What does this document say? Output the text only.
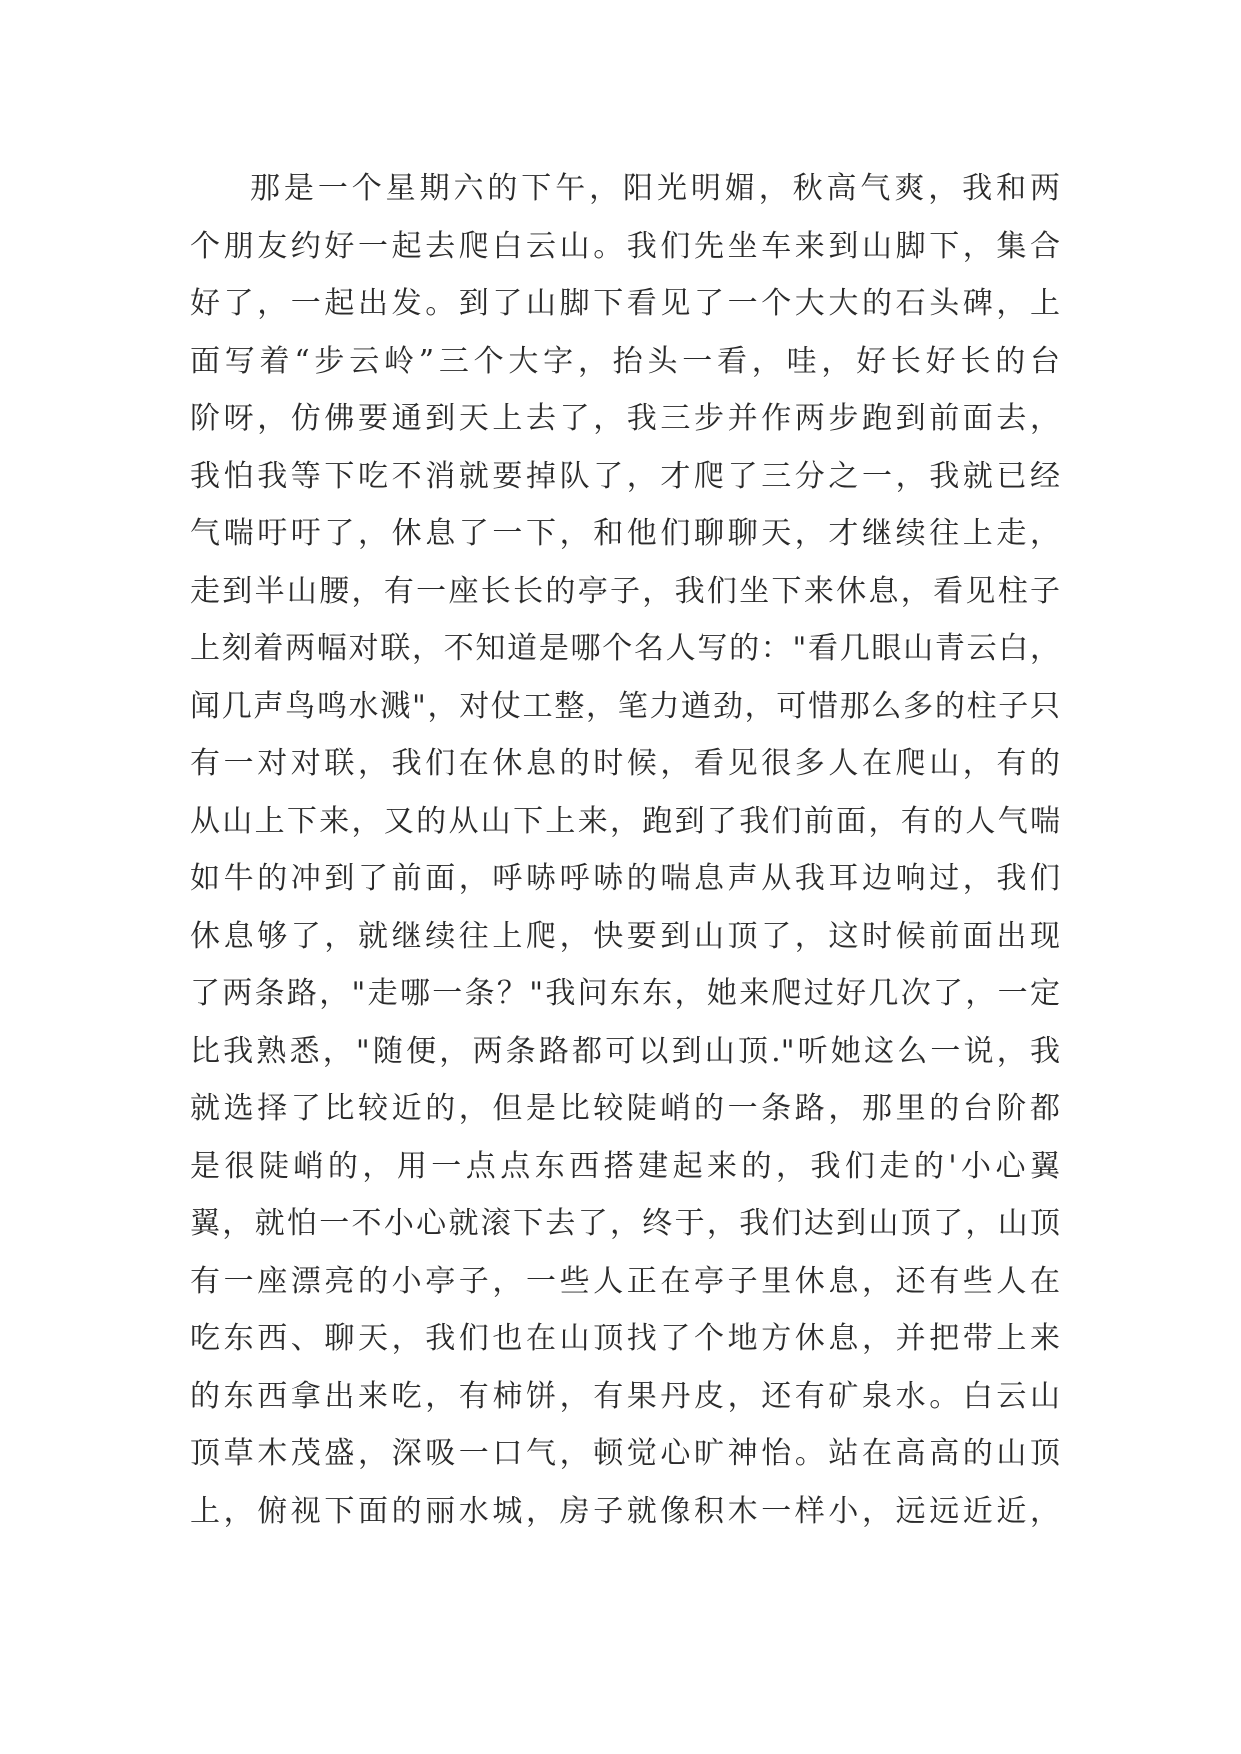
那是一个星期六的下午，阳光明媚，秋高气爽，我和两
个朋友约好一起去爬白云山。我们先坐车来到山脚下，集合
好了，一起出发。到了山脚下看见了一个大大的石头碑，上
面写着“步云岭”三个大字，抬头一看，哇，好长好长的台
阶呀，仿佛要通到天上去了，我三步并作两步跑到前面去，
我怕我等下吃不消就要掉队了，才爬了三分之一，我就已经
气喘吁吁了，休息了一下，和他们聊聊天，才继续往上走，
走到半山腰，有一座长长的亭子，我们坐下来休息，看见柱子
上刻着两幅对联，不知道是哪个名人写的："看几眼山青云白，
闻几声鸟鸣水溅"，对仗工整，笔力遒劲，可惜那么多的柱子只
有一对对联，我们在休息的时候，看见很多人在爬山，有的
从山上下来，又的从山下上来，跑到了我们前面，有的人气喘
如牛的冲到了前面，呼哧呼哧的喘息声从我耳边响过，我们
休息够了，就继续往上爬，快要到山顶了，这时候前面出现
了两条路，"走哪一条？"我问东东，她来爬过好几次了，一定
比我熟悉，"随便，两条路都可以到山顶."听她这么一说，我
就选择了比较近的，但是比较陡峭的一条路，那里的台阶都
是很陡峭的，用一点点东西搭建起来的，我们走的'小心翼
翼，就怕一不小心就滚下去了，终于，我们达到山顶了，山顶
有一座漂亮的小亭子，一些人正在亭子里休息，还有些人在
吃东西、聊天，我们也在山顶找了个地方休息，并把带上来
的东西拿出来吃，有柿饼，有果丹皮，还有矿泉水。白云山
顶草木茂盛，深吸一口气，顿觉心旷神怡。站在高高的山顶
上，俯视下面的丽水城，房子就像积木一样小，远远近近，
